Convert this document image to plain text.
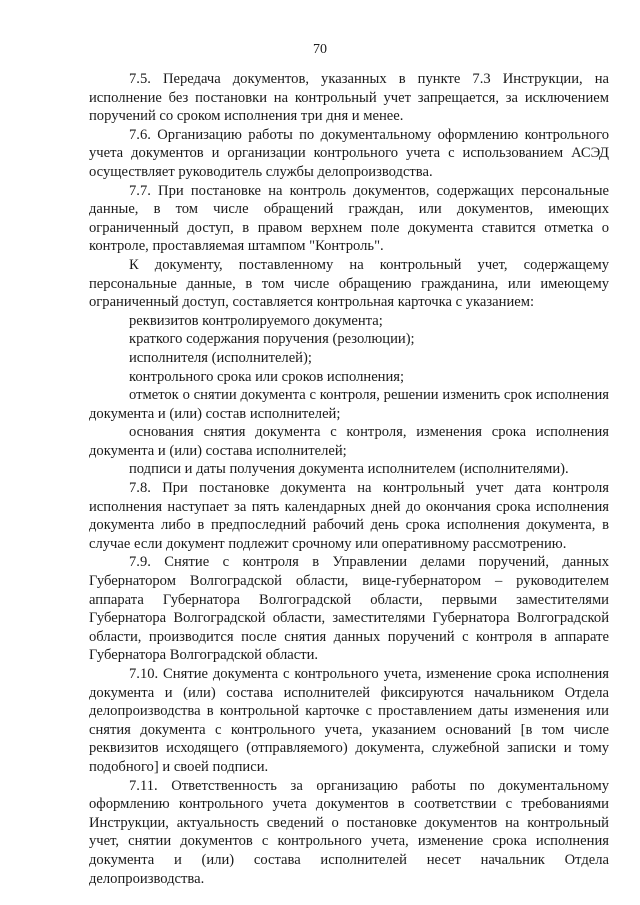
70

7.5. Передача документов, указанных в пункте 7.3 Инструкции, на исполнение без постановки на контрольный учет запрещается, за исключением поручений со сроком исполнения три дня и менее.

7.6. Организацию работы по документальному оформлению контрольного учета документов и организации контрольного учета с использованием АСЭД осуществляет руководитель службы делопроизводства.

7.7. При постановке на контроль документов, содержащих персональные данные, в том числе обращений граждан, или документов, имеющих ограниченный доступ, в правом верхнем поле документа ставится отметка о контроле, проставляемая штампом "Контроль".

К документу, поставленному на контрольный учет, содержащему персональные данные, в том числе обращению гражданина, или имеющему ограниченный доступ, составляется контрольная карточка с указанием:

реквизитов контролируемого документа;

краткого содержания поручения (резолюции);

исполнителя (исполнителей);

контрольного срока или сроков исполнения;

отметок о снятии документа с контроля, решении изменить срок исполнения документа и (или) состав исполнителей;

основания снятия документа с контроля, изменения срока исполнения документа и (или) состава исполнителей;

подписи и даты получения документа исполнителем (исполнителями).

7.8. При постановке документа на контрольный учет дата контроля исполнения наступает за пять календарных дней до окончания срока исполнения документа либо в предпоследний рабочий день срока исполнения документа, в случае если документ подлежит срочному или оперативному рассмотрению.

7.9. Снятие с контроля в Управлении делами поручений, данных Губернатором Волгоградской области, вице-губернатором – руководителем аппарата Губернатора Волгоградской области, первыми заместителями Губернатора Волгоградской области, заместителями Губернатора Волгоградской области, производится после снятия данных поручений с контроля в аппарате Губернатора Волгоградской области.

7.10. Снятие документа с контрольного учета, изменение срока исполнения документа и (или) состава исполнителей фиксируются начальником Отдела делопроизводства в контрольной карточке с проставлением даты изменения или снятия документа с контрольного учета, указанием оснований [в том числе реквизитов исходящего (отправляемого) документа, служебной записки и тому подобного] и своей подписи.

7.11. Ответственность за организацию работы по документальному оформлению контрольного учета документов в соответствии с требованиями Инструкции, актуальность сведений о постановке документов на контрольный учет, снятии документов с контрольного учета, изменение срока исполнения документа и (или) состава исполнителей несет начальник Отдела делопроизводства.
